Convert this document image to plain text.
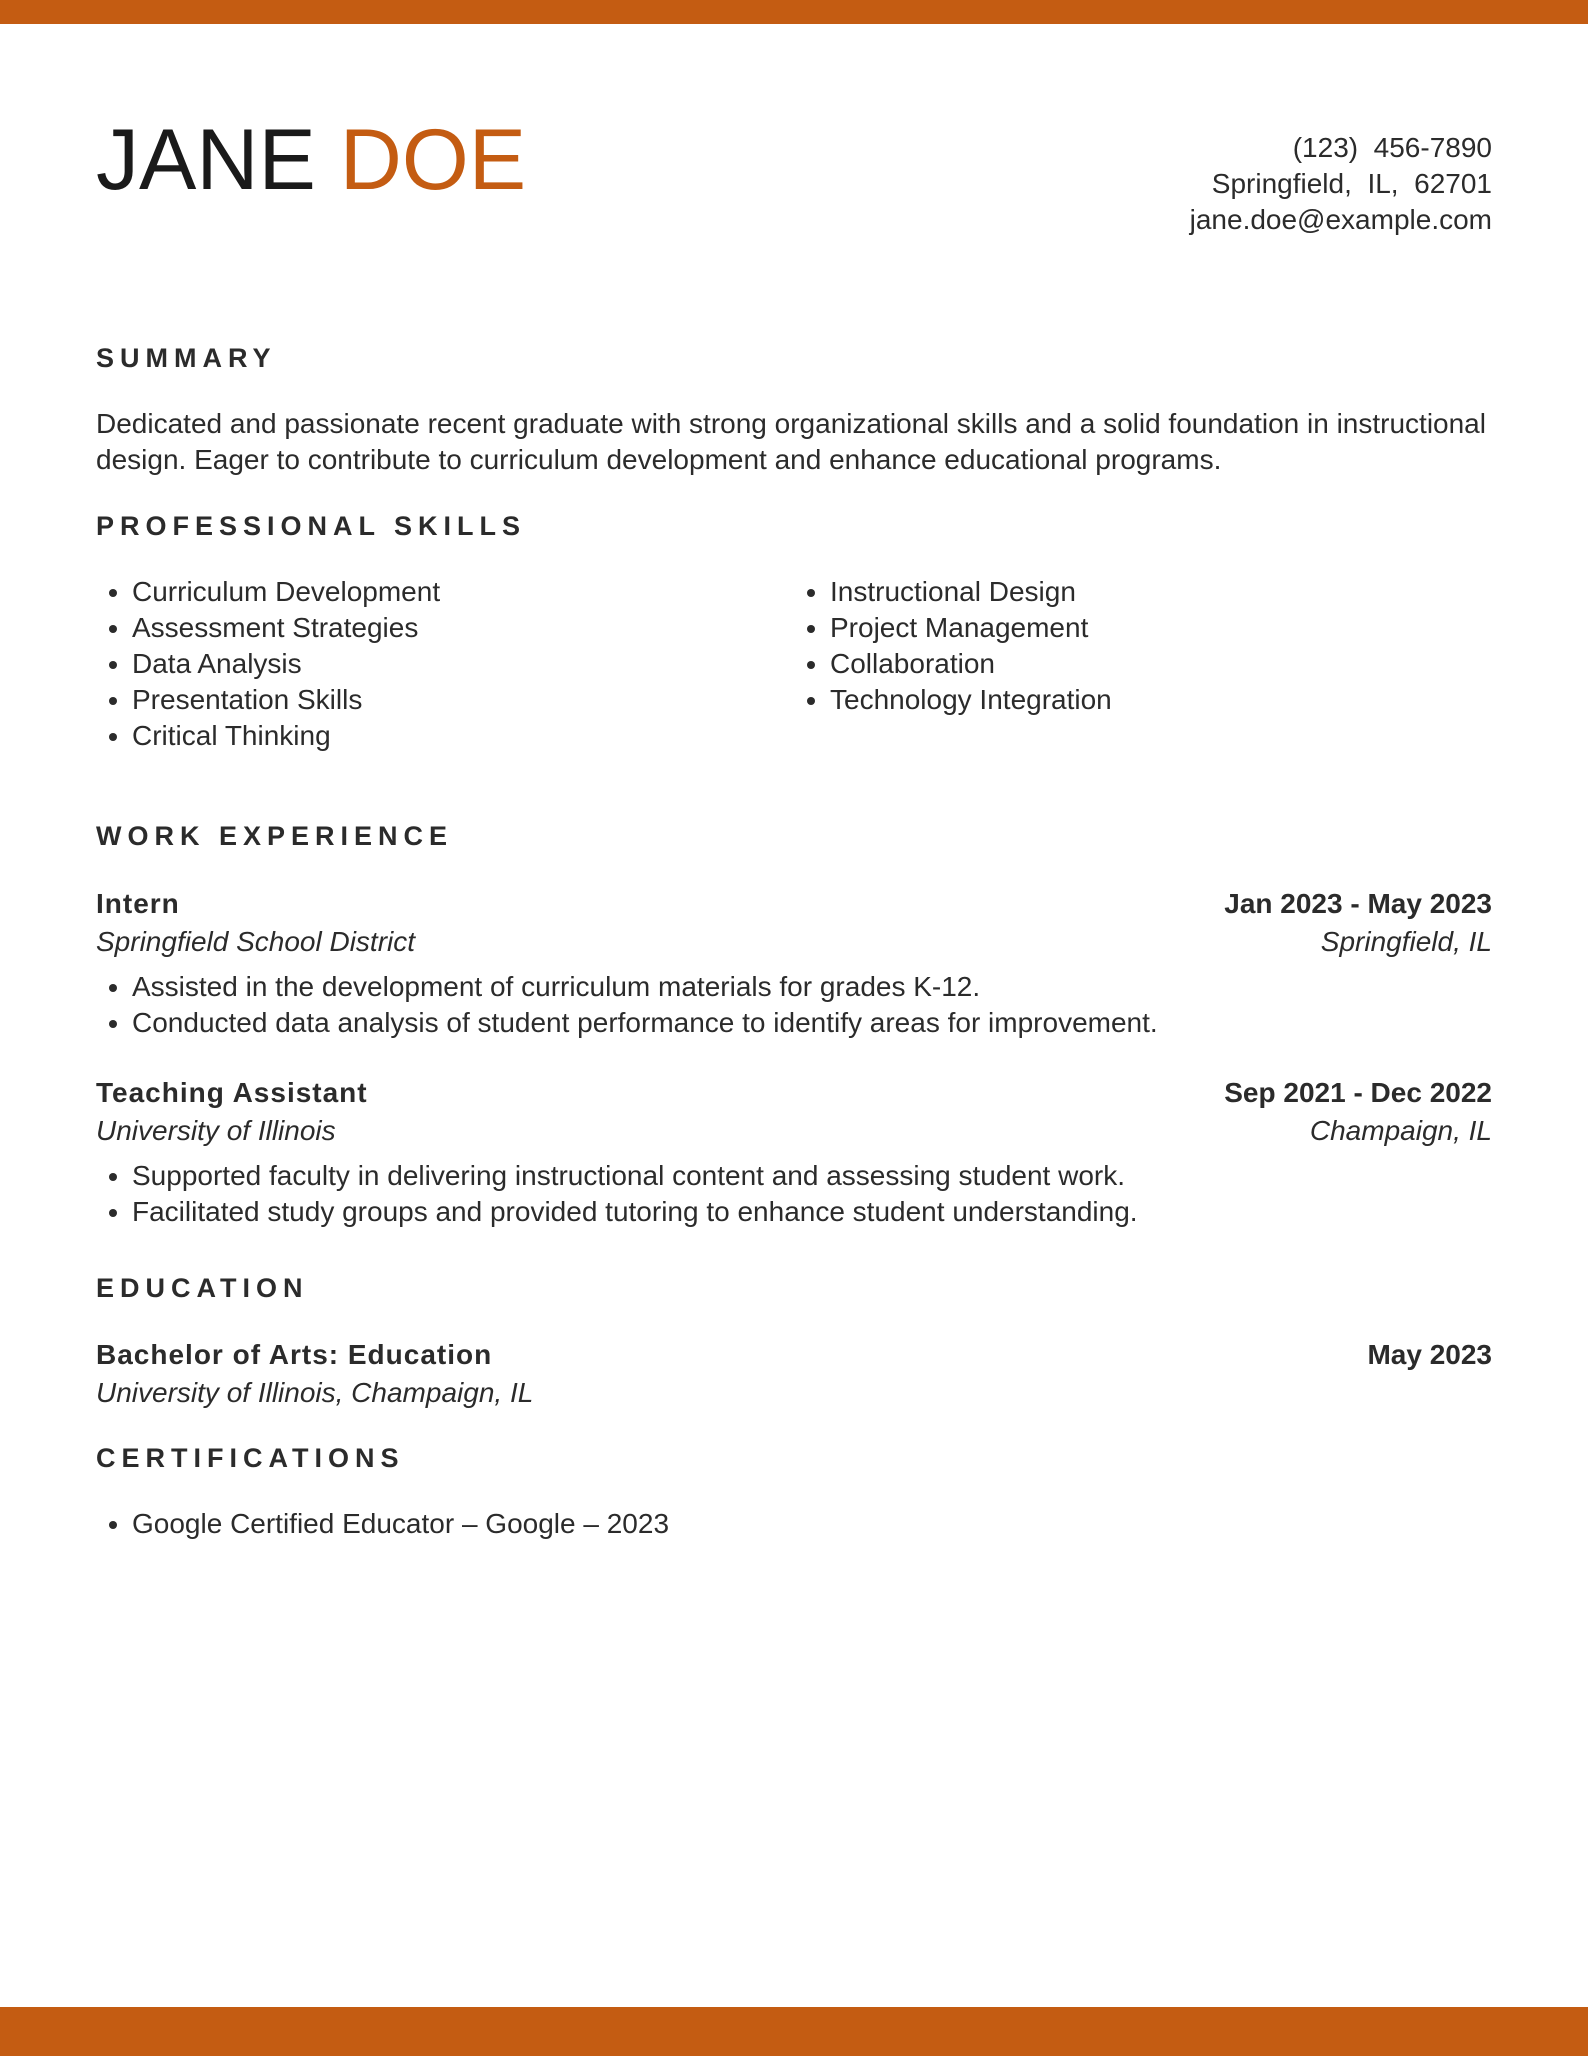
JANE DOE	(123)  456-7890
Springfield,  IL,  62701
jane.doe@example.com
SUMMARY

Dedicated and passionate recent graduate with strong organizational skills and a solid foundation in instructional design. Eager to contribute to curriculum development and enhance educational programs.

PROFESSIONAL SKILLS
• Curriculum Development
• Assessment Strategies
• Data Analysis
• Presentation Skills
• Critical Thinking
• Instructional Design
• Project Management
• Collaboration
• Technology Integration
WORK EXPERIENCE
Intern	Jan 2023 - May 2023
Springfield School District	Springfield, IL
• Assisted in the development of curriculum materials for grades K-12.
• Conducted data analysis of student performance to identify areas for improvement.
Teaching Assistant	Sep 2021 - Dec 2022
University of Illinois	Champaign, IL
• Supported faculty in delivering instructional content and assessing student work.
• Facilitated study groups and provided tutoring to enhance student understanding.
EDUCATION
Bachelor of Arts: Education	May 2023
University of Illinois, Champaign, IL
CERTIFICATIONS
• Google Certified Educator – Google – 2023
